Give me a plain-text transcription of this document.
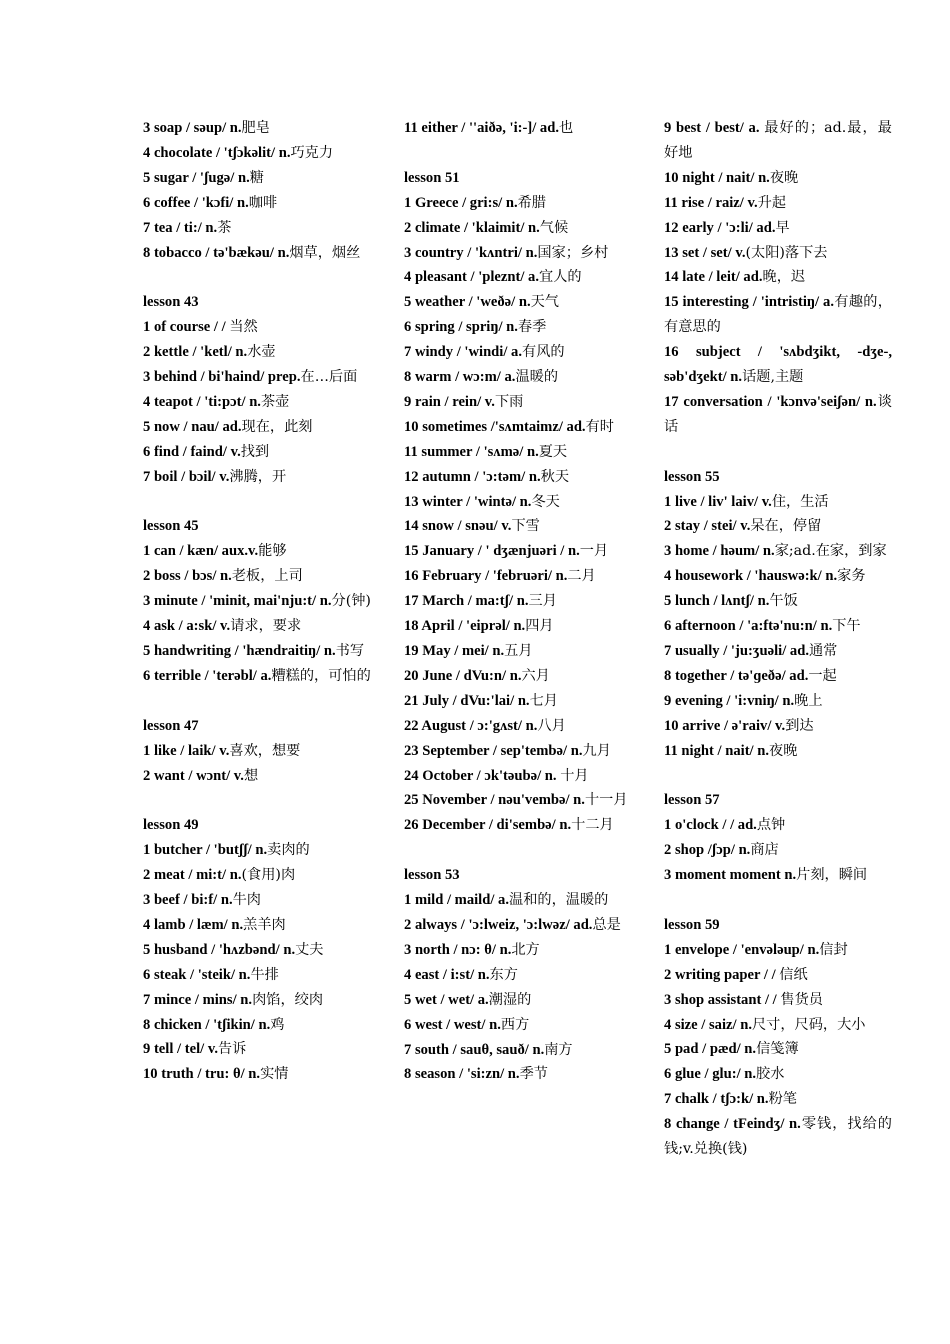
3 soap / səup/ n.肥皂
4 chocolate / 'tʃɔkəlit/ n.巧克力
5 sugar / 'ʃugə/ n.糖
6 coffee / 'kɔfi/ n.咖啡
7 tea / ti:/ n.茶
8 tobacco / tə'bækəu/ n.烟草，烟丝
lesson 43
1 of course / / 当然
2 kettle / 'ketl/ n.水壶
3 behind / bi'haind/ prep.在…后面
4 teapot / 'ti:pɔt/ n.茶壶
5 now / nau/ ad.现在，此刻
6 find / faind/ v.找到
7 boil / bɔil/ v.沸腾，开
lesson 45
1 can / kæn/ aux.v.能够
2 boss / bɔs/ n.老板，上司
3 minute / 'minit, mai'nju:t/ n.分(钟)
4 ask / a:sk/ v.请求，要求
5 handwriting / 'hændraitiŋ/ n.书写
6 terrible / 'terəbl/ a.糟糕的，可怕的
lesson 47
1 like / laik/ v.喜欢，想要
2 want / wɔnt/ v.想
lesson 49
1 butcher / 'butʃʃ/ n.卖肉的
2 meat / mi:t/ n.(食用)肉
3 beef / bi:f/ n.牛肉
4 lamb / læm/ n.羔羊肉
5 husband / 'hʌzbənd/ n.丈夫
6 steak / 'steik/ n.牛排
7 mince / mins/ n.肉馅，绞肉
8 chicken / 'tʃikin/ n.鸡
9 tell / tel/ v.告诉
10 truth / tru: θ/ n.实情
11 either / ''aiðə, 'i:-]/ ad.也
lesson 51
1 Greece / gri:s/ n.希腊
2 climate / 'klaimit/ n.气候
3 country / 'kʌntri/ n.国家；乡村
4 pleasant / 'pleznt/ a.宜人的
5 weather / 'weðə/ n.天气
6 spring / spriŋ/ n.春季
7 windy / 'windi/ a.有风的
8 warm / wɔ:m/ a.温暖的
9 rain / rein/ v.下雨
10 sometimes /'sʌmtaimz/ ad.有时
11 summer / 'sʌmə/ n.夏天
12 autumn / 'ɔ:təm/ n.秋天
13 winter / 'wintə/ n.冬天
14 snow / snəu/ v.下雪
15 January / ' dʒænjuəri / n.一月
16 February / 'februəri/ n.二月
17 March / ma:tʃ/ n.三月
18 April / 'eiprəl/ n.四月
19 May / mei/ n.五月
20 June / dVu:n/ n.六月
21 July / dVu:'lai/ n.七月
22 August / ɔ:'gʌst/ n.八月
23 September / sep'tembə/ n.九月
24 October / ɔk'təubə/ n. 十月
25 November / nəu'vembə/ n.十一月
26 December / di'sembə/ n.十二月
lesson 53
1 mild / maild/ a.温和的，温暖的
2 always / 'ɔ:lweiz, 'ɔ:lwəz/ ad.总是
3 north / nɔ: θ/ n.北方
4 east / i:st/ n.东方
5 wet / wet/ a.潮湿的
6 west / west/ n.西方
7 south / sauθ, sauð/ n.南方
8 season / 'si:zn/ n.季节
9 best / best/ a. 最好的；ad.最，最好地
10 night / nait/ n.夜晚
11 rise / raiz/ v.升起
12 early / 'ɔ:li/ ad.早
13 set / set/ v.(太阳)落下去
14 late / leit/ ad.晚，迟
15 interesting / 'intristiŋ/ a.有趣的，有意思的
16 subject / 'sʌbdʒikt, -dʒe-, səb'dʒekt/ n.话题,主题
17 conversation / 'kɔnvə'seiʃən/ n.谈话
lesson 55
1 live / liv' laiv/ v.住，生活
2 stay / stei/ v.呆在，停留
3 home / həum/ n.家;ad.在家，到家
4 housework / 'hauswə:k/ n.家务
5 lunch / lʌntʃ/ n.午饭
6 afternoon / 'a:ftə'nu:n/ n.下午
7 usually / 'ju:ʒuəli/ ad.通常
8 together / tə'ɡeðə/ ad.一起
9 evening / 'i:vniŋ/ n.晚上
10 arrive / ə'raiv/ v.到达
11 night / nait/ n.夜晚
lesson 57
1 o'clock / / ad.点钟
2 shop /ʃɔp/ n.商店
3 moment moment n.片刻，瞬间
lesson 59
1 envelope / 'envələup/ n.信封
2 writing paper / / 信纸
3 shop assistant / / 售货员
4 size / saiz/ n.尺寸，尺码，大小
5 pad / pæd/ n.信笺簿
6 glue / glu:/ n.胶水
7 chalk / tʃɔ:k/ n.粉笔
8 change / tFeindʒ/ n.零钱，找给的钱;v.兑换(钱)
